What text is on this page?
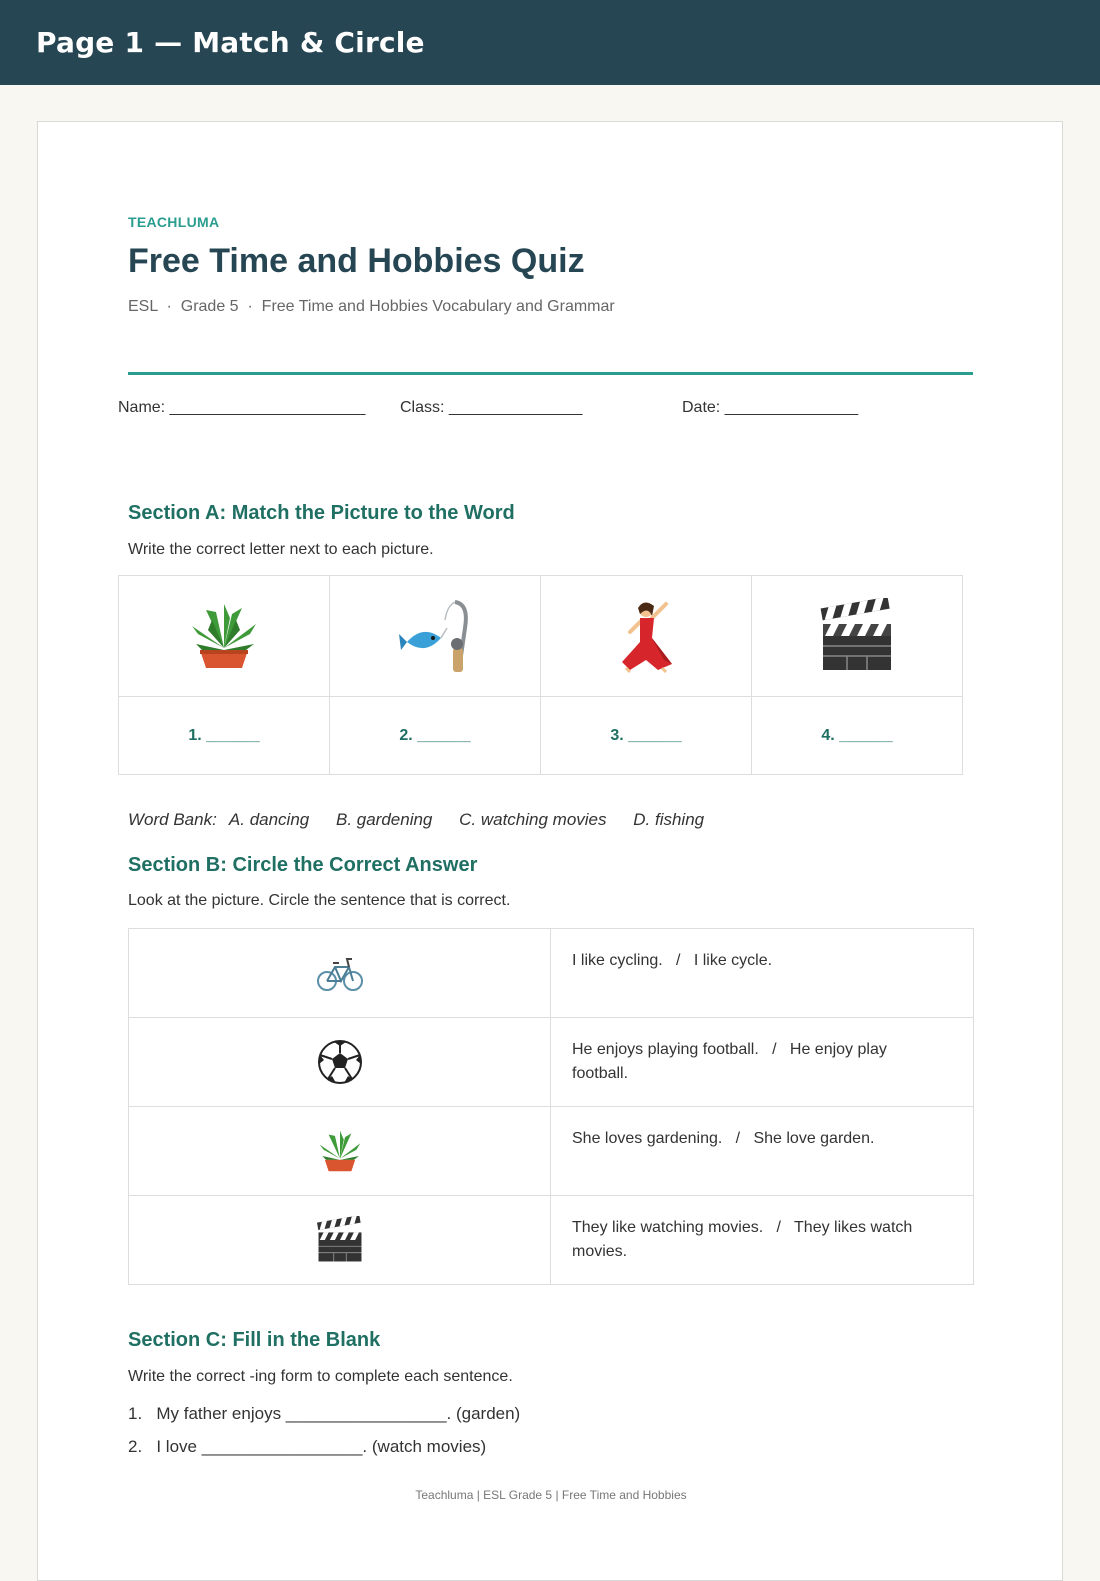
Page 1 — Match & Circle
TEACHLUMA
Free Time and Hobbies Quiz
ESL  ·  Grade 5  ·  Free Time and Hobbies Vocabulary and Grammar
Name: ______________________ Class: _______________	Date: _______________
Section A: Match the Picture to the Word
Write the correct letter next to each picture.
1. ______	2. ______	3. ______	4. ______
Word Bank: A. dancing B. gardening C. watching movies D. fishing
Section B: Circle the Correct Answer
Look at the picture. Circle the sentence that is correct.
I like cycling.   /   I like cycle.
He enjoys playing football.   /   He enjoy play football.
She loves gardening.   /   She love garden.
They like watching movies.   /   They likes watch movies.
Section C: Fill in the Blank
Write the correct -ing form to complete each sentence.
1.   My father enjoys _________________. (garden)
2.   I love _________________. (watch movies)
Teachluma | ESL Grade 5 | Free Time and Hobbies
